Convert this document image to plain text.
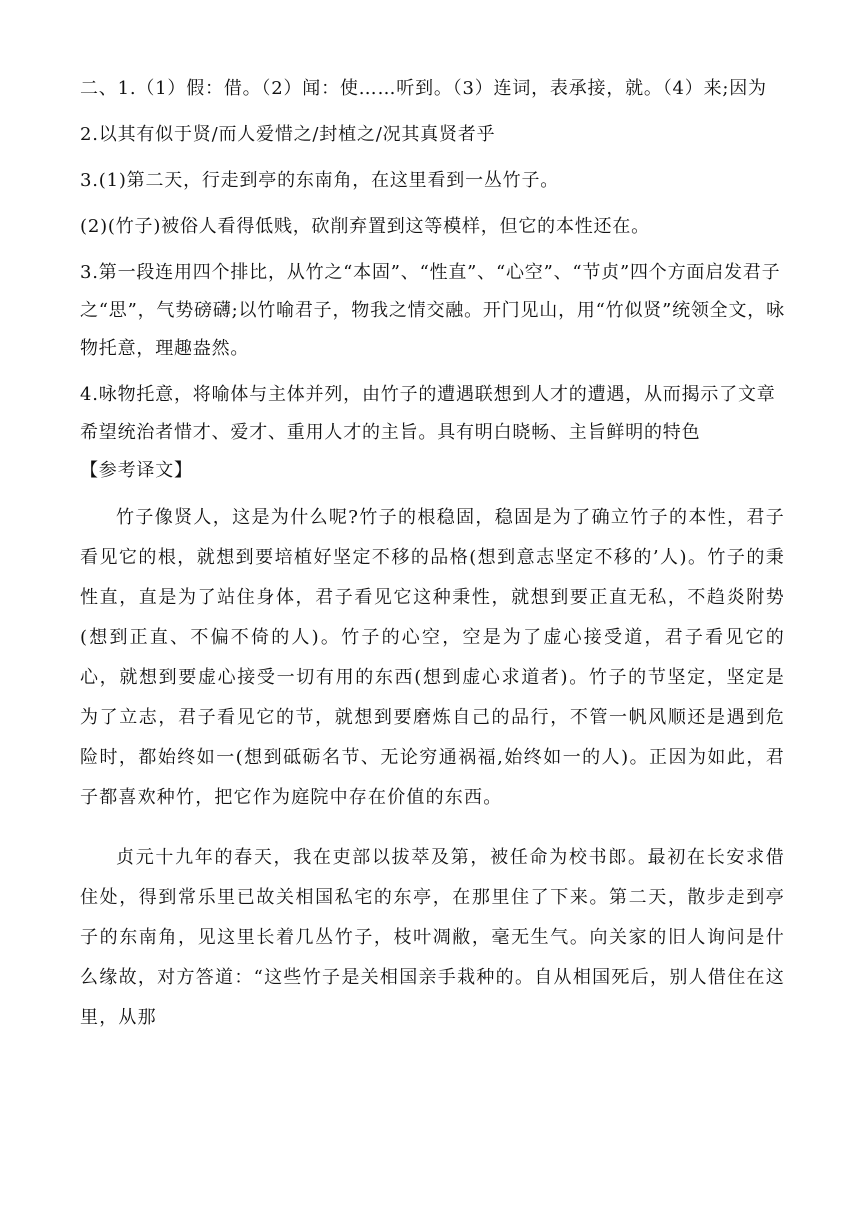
二、1.（1）假：借。（2）闻：使……听到。（3）连词，表承接，就。（4）来;因为
2.以其有似于贤/而人爱惜之/封植之/况其真贤者乎
3.(1)第二天，行走到亭的东南角，在这里看到一丛竹子。
(2)(竹子)被俗人看得低贱，砍削弃置到这等模样，但它的本性还在。
3.第一段连用四个排比，从竹之“本固”、“性直”、“心空”、“节贞”四个方面启发君子之“思”，气势磅礴;以竹喻君子，物我之情交融。开门见山，用“竹似贤”统领全文，咏物托意，理趣盎然。
4.咏物托意，将喻体与主体并列，由竹子的遭遇联想到人才的遭遇，从而揭示了文章希望统治者惜才、爱才、重用人才的主旨。具有明白晓畅、主旨鲜明的特色
【参考译文】
竹子像贤人，这是为什么呢?竹子的根稳固，稳固是为了确立竹子的本性，君子看见它的根，就想到要培植好坚定不移的品格(想到意志坚定不移的’人)。竹子的秉性直，直是为了站住身体，君子看见它这种秉性，就想到要正直无私，不趋炎附势(想到正直、不偏不倚的人)。竹子的心空，空是为了虚心接受道，君子看见它的心，就想到要虚心接受一切有用的东西(想到虚心求道者)。竹子的节坚定，坚定是为了立志，君子看见它的节，就想到要磨炼自己的品行，不管一帆风顺还是遇到危险时，都始终如一(想到砥砺名节、无论穷通祸福,始终如一的人)。正因为如此，君子都喜欢种竹，把它作为庭院中存在价值的东西。
贞元十九年的春天，我在吏部以拔萃及第，被任命为校书郎。最初在长安求借住处，得到常乐里已故关相国私宅的东亭，在那里住了下来。第二天，散步走到亭子的东南角，见这里长着几丛竹子，枝叶凋敝，毫无生气。向关家的旧人询问是什么缘故，对方答道：“这些竹子是关相国亲手栽种的。自从相国死后，别人借住在这里，从那
